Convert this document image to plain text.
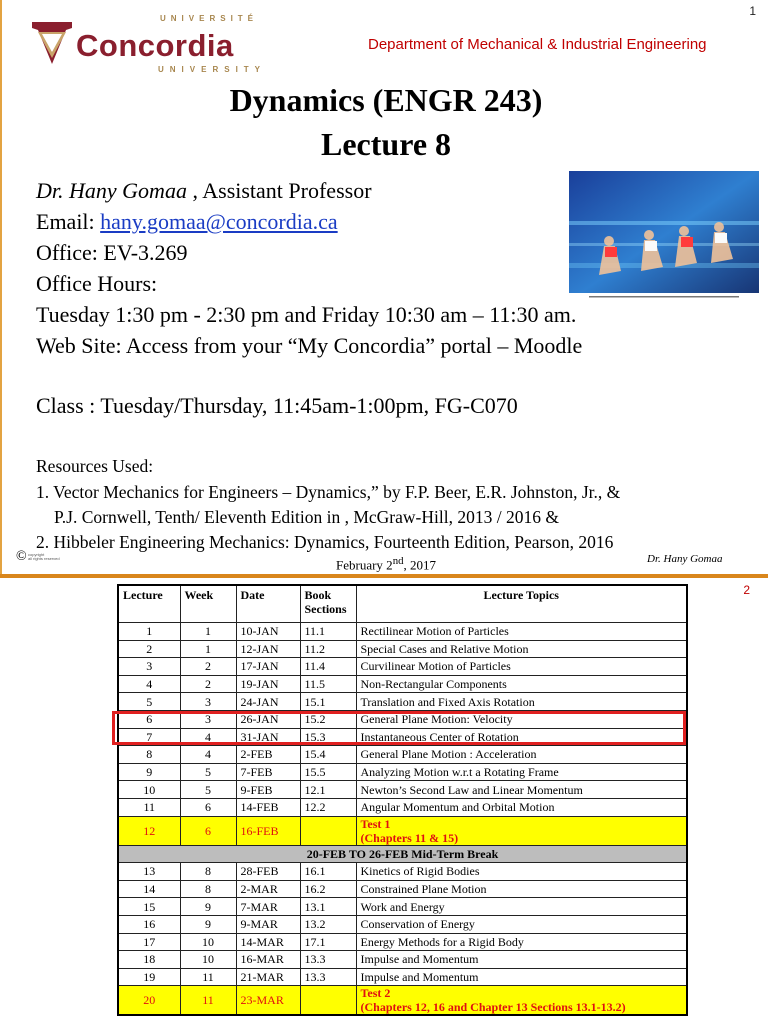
1
UNIVERSITÉ
Concordia
UNIVERSITY
Department of Mechanical & Industrial Engineering
Dynamics (ENGR 243)
Lecture 8
Dr. Hany Gomaa , Assistant Professor
Email: hany.gomaa@concordia.ca
Office: EV-3.269
Office Hours:
Tuesday 1:30 pm - 2:30 pm and Friday 10:30 am – 11:30 am.
Web Site: Access from your “My Concordia” portal – Moodle
Class : Tuesday/Thursday, 11:45am-1:00pm, FG-C070
Resources Used:
1. Vector Mechanics for Engineers – Dynamics,” by F.P. Beer, E.R. Johnston, Jr., &
P.J. Cornwell, Tenth/ Eleventh Edition in , McGraw-Hill, 2013 / 2016 &
2. Hibbeler Engineering Mechanics: Dynamics, Fourteenth Edition, Pearson, 2016
© copyright
all rights reserved	February 2nd, 2017	Dr. Hany Gomaa
2
Lecture	Week	Date	Book Sections	Lecture Topics
1	1	10-JAN	11.1	Rectilinear Motion of Particles
2	1	12-JAN	11.2	Special Cases and Relative Motion
3	2	17-JAN	11.4	Curvilinear Motion of Particles
4	2	19-JAN	11.5	Non-Rectangular Components
5	3	24-JAN	15.1	Translation and Fixed Axis Rotation
6	3	26-JAN	15.2	General Plane Motion: Velocity
7	4	31-JAN	15.3	Instantaneous Center of Rotation
8	4	2-FEB	15.4	General Plane Motion : Acceleration
9	5	7-FEB	15.5	Analyzing Motion w.r.t a Rotating Frame
10	5	9-FEB	12.1	Newton’s Second Law and Linear Momentum
11	6	14-FEB	12.2	Angular Momentum and Orbital Motion
12	6	16-FEB		Test 1
(Chapters 11 & 15)

20-FEB TO 26-FEB Mid-Term Break				
13	8	28-FEB	16.1	Kinetics of Rigid Bodies
14	8	2-MAR	16.2	Constrained Plane Motion
15	9	7-MAR	13.1	Work and Energy
16	9	9-MAR	13.2	Conservation of Energy
17	10	14-MAR	17.1	Energy Methods for a Rigid Body
18	10	16-MAR	13.3	Impulse and Momentum
19	11	21-MAR	13.3	Impulse and Momentum
20	11	23-MAR		Test 2
(Chapters 12, 16 and Chapter 13 Sections 13.1-13.2)
